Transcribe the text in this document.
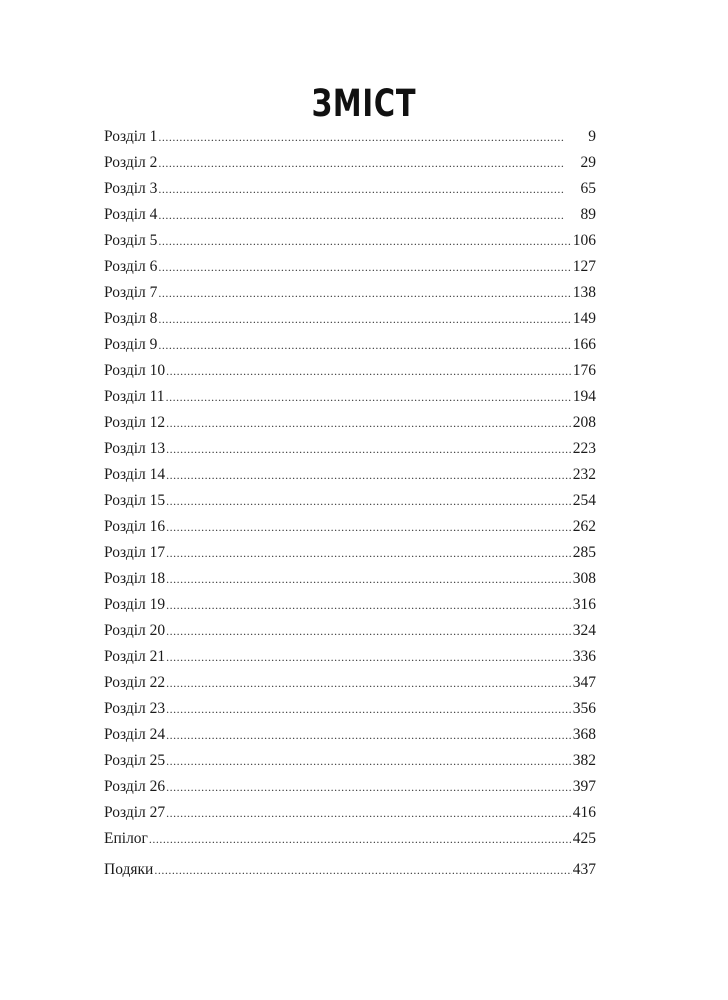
ЗМІСТ
Розділ 1 .....	9
Розділ 2 .....	29
Розділ 3 .....	65
Розділ 4 .....	89
Розділ 5 .....	106
Розділ 6 .....	127
Розділ 7 .....	138
Розділ 8 .....	149
Розділ 9 .....	166
Розділ 10 .....	176
Розділ 11 .....	194
Розділ 12 .....	208
Розділ 13 .....	223
Розділ 14 .....	232
Розділ 15 .....	254
Розділ 16 .....	262
Розділ 17 .....	285
Розділ 18 .....	308
Розділ 19 .....	316
Розділ 20 .....	324
Розділ 21 .....	336
Розділ 22 .....	347
Розділ 23 .....	356
Розділ 24 .....	368
Розділ 25 .....	382
Розділ 26 .....	397
Розділ 27 .....	416
Епілог .....	425
Подяки .....	437
